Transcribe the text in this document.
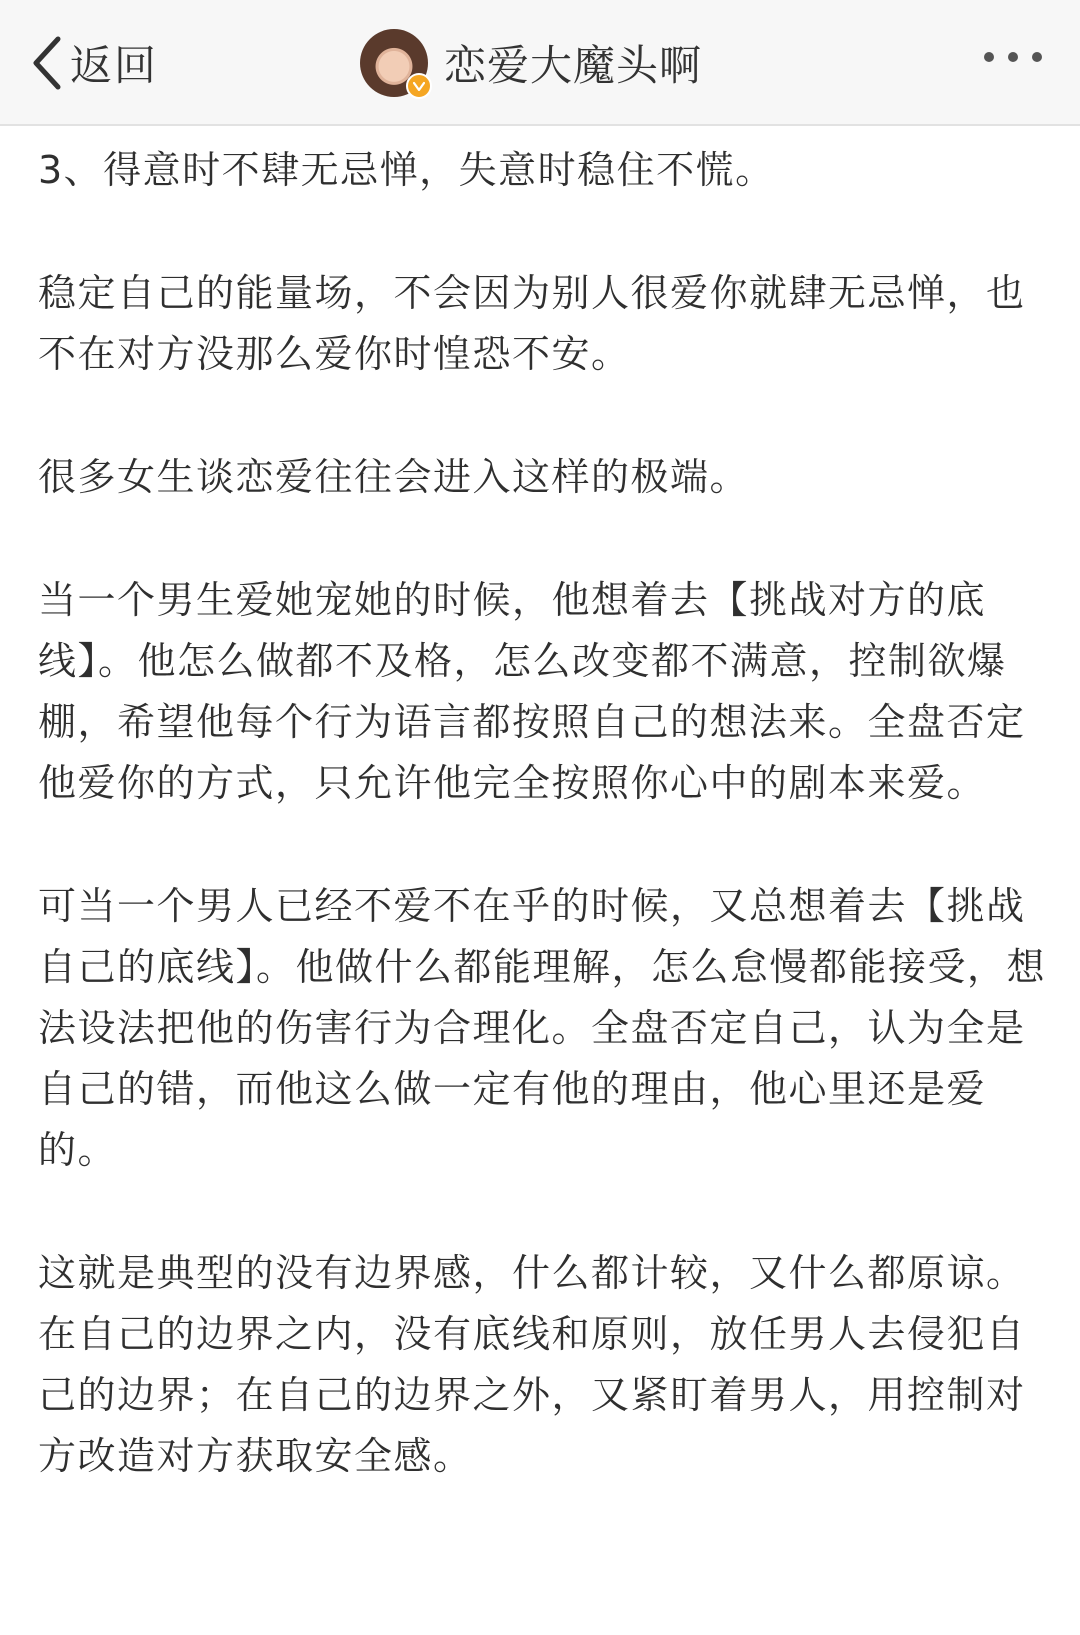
返回	恋爱大魔头啊

3、得意时不肆无忌惮，失意时稳住不慌。

稳定自己的能量场，不会因为别人很爱你就肆无忌惮，也不在对方没那么爱你时惶恐不安。

很多女生谈恋爱往往会进入这样的极端。

当一个男生爱她宠她的时候，他想着去【挑战对方的底线】。他怎么做都不及格，怎么改变都不满意，控制欲爆棚，希望他每个行为语言都按照自己的想法来。全盘否定他爱你的方式，只允许他完全按照你心中的剧本来爱。

可当一个男人已经不爱不在乎的时候，又总想着去【挑战自己的底线】。他做什么都能理解，怎么怠慢都能接受，想法设法把他的伤害行为合理化。全盘否定自己，认为全是自己的错，而他这么做一定有他的理由，他心里还是爱的。

这就是典型的没有边界感，什么都计较，又什么都原谅。在自己的边界之内，没有底线和原则，放任男人去侵犯自己的边界；在自己的边界之外，又紧盯着男人，用控制对方改造对方获取安全感。
